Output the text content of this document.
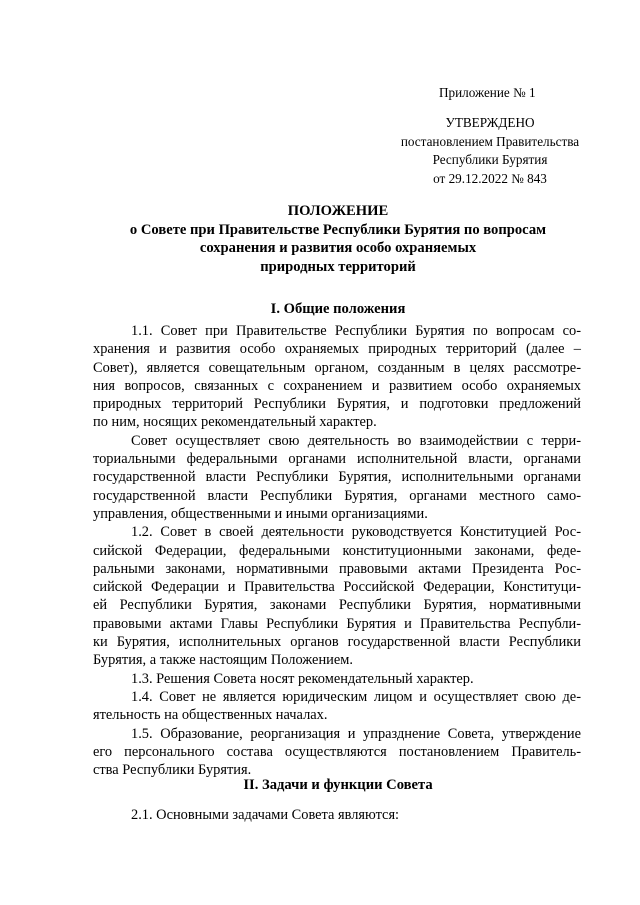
Приложение № 1
УТВЕРЖДЕНО
постановлением Правительства
Республики Бурятия
от 29.12.2022 № 843
ПОЛОЖЕНИЕ
о Совете при Правительстве Республики Бурятия по вопросам
сохранения и развития особо охраняемых
природных территорий
I. Общие положения
1.1. Совет при Правительстве Республики Бурятия по вопросам со-
хранения и развития особо охраняемых природных территорий (далее –
Совет), является совещательным органом, созданным в целях рассмотре-
ния вопросов, связанных с сохранением и развитием особо охраняемых
природных территорий Республики Бурятия, и подготовки предложений
по ним, носящих рекомендательный характер.
Совет осуществляет свою деятельность во взаимодействии с терри-
ториальными федеральными органами исполнительной власти, органами
государственной власти Республики Бурятия, исполнительными органами
государственной власти Республики Бурятия, органами местного само-
управления, общественными и иными организациями.
1.2. Совет в своей деятельности руководствуется Конституцией Рос-
сийской Федерации, федеральными конституционными законами, феде-
ральными законами, нормативными правовыми актами Президента Рос-
сийской Федерации и Правительства Российской Федерации, Конституци-
ей Республики Бурятия, законами Республики Бурятия, нормативными
правовыми актами Главы Республики Бурятия и Правительства Республи-
ки Бурятия, исполнительных органов государственной власти Республики
Бурятия, а также настоящим Положением.
1.3. Решения Совета носят рекомендательный характер.
1.4. Совет не является юридическим лицом и осуществляет свою де-
ятельность на общественных началах.
1.5. Образование, реорганизация и упразднение Совета, утверждение
его персонального состава осуществляются постановлением Правитель-
ства Республики Бурятия.
II. Задачи и функции Совета
2.1. Основными задачами Совета являются:
